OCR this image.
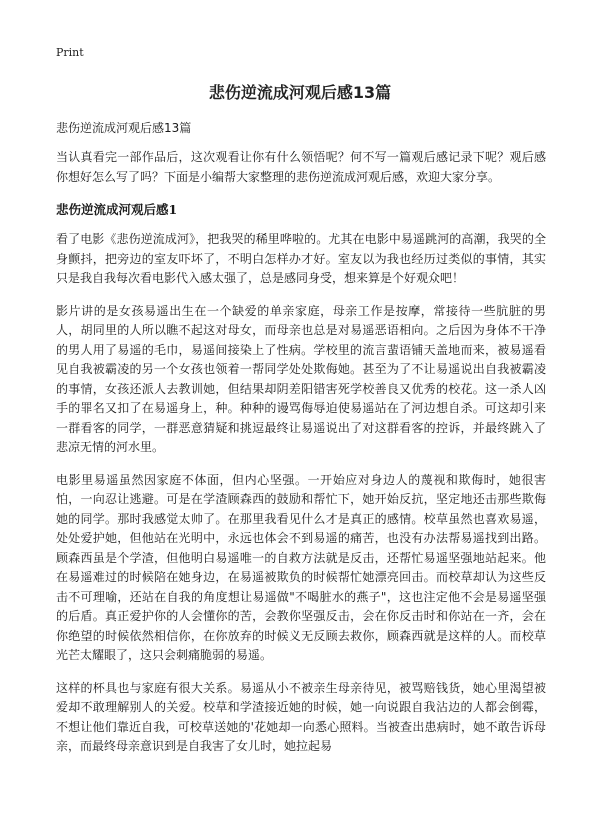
Print
悲伤逆流成河观后感13篇

悲伤逆流成河观后感13篇

当认真看完一部作品后，这次观看让你有什么领悟呢？何不写一篇观后感记录下呢？观后感你想好怎么写了吗？下面是小编帮大家整理的悲伤逆流成河观后感，欢迎大家分享。

悲伤逆流成河观后感1

看了电影《悲伤逆流成河》，把我哭的稀里哗啦的。尤其在电影中易遥跳河的高潮，我哭的全身颤抖，把旁边的室友吓坏了，不明白怎样办才好。室友以为我也经历过类似的事情，其实只是我自我每次看电影代入感太强了，总是感同身受，想来算是个好观众吧！

影片讲的是女孩易遥出生在一个缺爱的单亲家庭，母亲工作是按摩，常接待一些肮脏的男人，胡同里的人所以瞧不起这对母女，而母亲也总是对易遥恶语相向。之后因为身体不干净的男人用了易遥的毛巾，易遥间接染上了性病。学校里的流言蜚语铺天盖地而来，被易遥看见自我被霸凌的另一个女孩也领着一帮同学处处欺侮她。甚至为了不让易遥说出自我被霸凌的事情，女孩还派人去教训她，但结果却阴差阳错害死学校善良又优秀的校花。这一杀人凶手的罪名又扣了在易遥身上，种。种种的谩骂侮辱迫使易遥站在了河边想自杀。可这却引来一群看客的同学，一群恶意猜疑和挑逗最终让易遥说出了对这群看客的控诉，并最终跳入了悲凉无情的河水里。

电影里易遥虽然因家庭不体面，但内心坚强。一开始应对身边人的蔑视和欺侮时，她很害怕，一向忍让逃避。可是在学渣顾森西的鼓励和帮忙下，她开始反抗，坚定地还击那些欺侮她的同学。那时我感觉太帅了。在那里我看见什么才是真正的感情。校草虽然也喜欢易遥，处处爱护她，但他站在光明中，永远也体会不到易遥的痛苦，也没有办法帮易遥找到出路。顾森西虽是个学渣，但他明白易遥唯一的自救方法就是反击，还帮忙易遥坚强地站起来。他在易遥难过的时候陪在她身边，在易遥被欺负的时候帮忙她漂亮回击。而校草却认为这些反击不可理喻，还站在自我的角度想让易遥做"不喝脏水的燕子"，这也注定他不会是易遥坚强的后盾。真正爱护你的人会懂你的苦，会教你坚强反击，会在你反击时和你站在一齐，会在你绝望的时候依然相信你，在你放弃的时候义无反顾去救你，顾森西就是这样的人。而校草光芒太耀眼了，这只会刺痛脆弱的易遥。

这样的杯具也与家庭有很大关系。易遥从小不被亲生母亲待见，被骂赔钱货，她心里渴望被爱却不敢理解别人的关爱。校草和学渣接近她的时候，她一向说跟自我沾边的人都会倒霉，不想让他们靠近自我，可校草送她的'花她却一向悉心照料。当被查出患病时，她不敢告诉母亲，而最终母亲意识到是自我害了女儿时，她拉起易
